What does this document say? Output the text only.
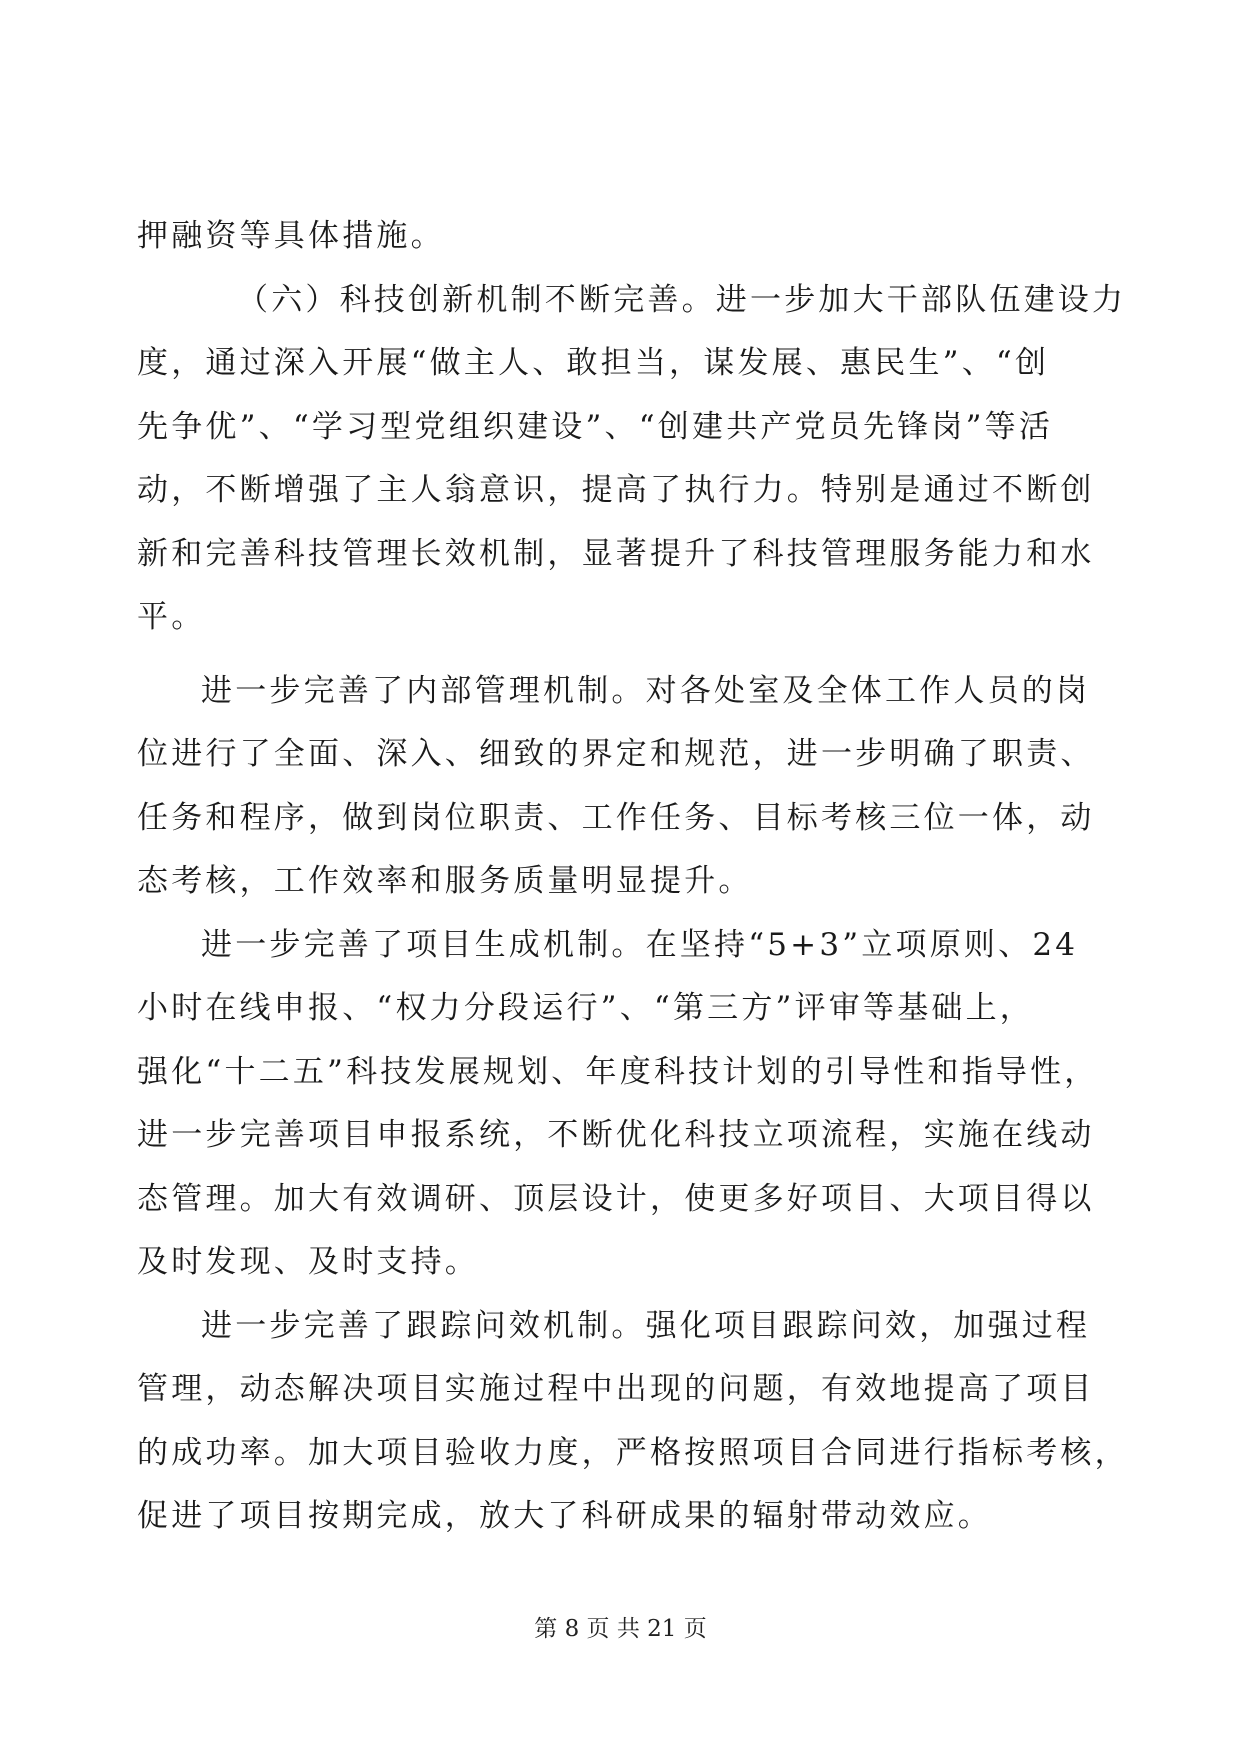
押融资等具体措施。
（六）科技创新机制不断完善。进一步加大干部队伍建设力
度，通过深入开展“做主人、敢担当，谋发展、惠民生”、“创
先争优”、“学习型党组织建设”、“创建共产党员先锋岗”等活
动，不断增强了主人翁意识，提高了执行力。特别是通过不断创
新和完善科技管理长效机制，显著提升了科技管理服务能力和水
平。
进一步完善了内部管理机制。对各处室及全体工作人员的岗
位进行了全面、深入、细致的界定和规范，进一步明确了职责、
任务和程序，做到岗位职责、工作任务、目标考核三位一体，动
态考核，工作效率和服务质量明显提升。
进一步完善了项目生成机制。在坚持“5+3”立项原则、24
小时在线申报、“权力分段运行”、“第三方”评审等基础上，
强化“十二五”科技发展规划、年度科技计划的引导性和指导性，
进一步完善项目申报系统，不断优化科技立项流程，实施在线动
态管理。加大有效调研、顶层设计，使更多好项目、大项目得以
及时发现、及时支持。
进一步完善了跟踪问效机制。强化项目跟踪问效，加强过程
管理，动态解决项目实施过程中出现的问题，有效地提高了项目
的成功率。加大项目验收力度，严格按照项目合同进行指标考核，
促进了项目按期完成，放大了科研成果的辐射带动效应。
第 8 页 共 21 页
